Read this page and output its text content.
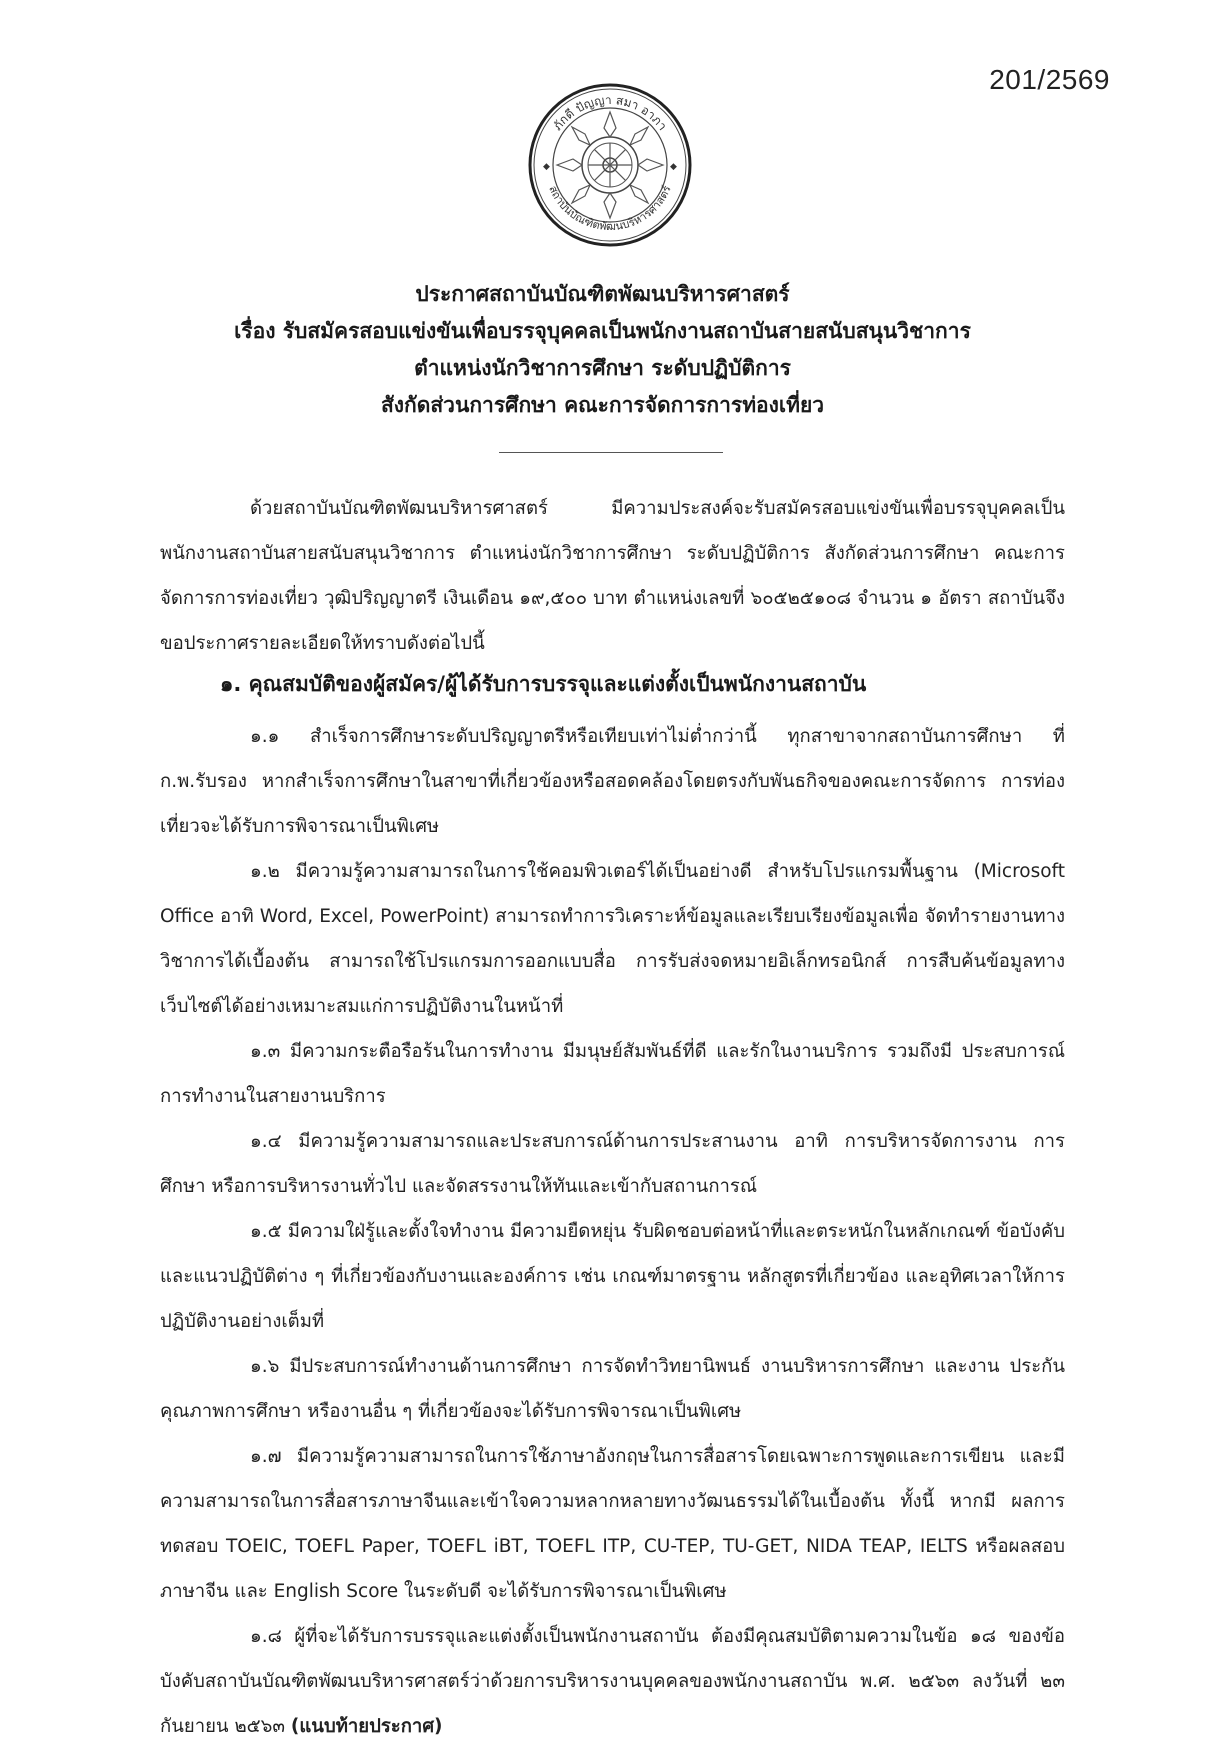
201/2569
◆	◆
ภักดี ปัญญา สมา อาภา
สถาบันบัณฑิตพัฒนบริหารศาสตร์
ประกาศสถาบันบัณฑิตพัฒนบริหารศาสตร์
เรื่อง รับสมัครสอบแข่งขันเพื่อบรรจุบุคคลเป็นพนักงานสถาบันสายสนับสนุนวิชาการ
ตำแหน่งนักวิชาการศึกษา ระดับปฏิบัติการ
สังกัดส่วนการศึกษา คณะการจัดการการท่องเที่ยว

ด้วยสถาบันบัณฑิตพัฒนบริหารศาสตร์ มีความประสงค์จะรับสมัครสอบแข่งขันเพื่อบรรจุบุคคลเป็นพนักงานสถาบันสายสนับสนุนวิชาการ ตำแหน่งนักวิชาการศึกษา ระดับปฏิบัติการ สังกัดส่วนการศึกษา คณะการจัดการการท่องเที่ยว วุฒิปริญญาตรี เงินเดือน ๑๙,๕๐๐ บาท ตำแหน่งเลขที่ ๖๐๕๒๕๑๐๘ จำนวน ๑ อัตรา สถาบันจึงขอประกาศรายละเอียดให้ทราบดังต่อไปนี้

๑. คุณสมบัติของผู้สมัคร/ผู้ได้รับการบรรจุและแต่งตั้งเป็นพนักงานสถาบัน

๑.๑ สำเร็จการศึกษาระดับปริญญาตรีหรือเทียบเท่าไม่ต่ำกว่านี้ ทุกสาขาจากสถาบันการศึกษา ที่ ก.พ.รับรอง หากสำเร็จการศึกษาในสาขาที่เกี่ยวข้องหรือสอดคล้องโดยตรงกับพันธกิจของคณะการจัดการ การท่องเที่ยวจะได้รับการพิจารณาเป็นพิเศษ

๑.๒ มีความรู้ความสามารถในการใช้คอมพิวเตอร์ได้เป็นอย่างดี สำหรับโปรแกรมพื้นฐาน (Microsoft Office อาทิ Word, Excel, PowerPoint) สามารถทำการวิเคราะห์ข้อมูลและเรียบเรียงข้อมูลเพื่อ จัดทำรายงานทางวิชาการได้เบื้องต้น สามารถใช้โปรแกรมการออกแบบสื่อ การรับส่งจดหมายอิเล็กทรอนิกส์ การสืบค้นข้อมูลทางเว็บไซต์ได้อย่างเหมาะสมแก่การปฏิบัติงานในหน้าที่

๑.๓ มีความกระตือรือร้นในการทำงาน มีมนุษย์สัมพันธ์ที่ดี และรักในงานบริการ รวมถึงมี ประสบการณ์การทำงานในสายงานบริการ

๑.๔ มีความรู้ความสามารถและประสบการณ์ด้านการประสานงาน อาทิ การบริหารจัดการงาน การศึกษา หรือการบริหารงานทั่วไป และจัดสรรงานให้ทันและเข้ากับสถานการณ์

๑.๕ มีความใฝ่รู้และตั้งใจทำงาน มีความยืดหยุ่น รับผิดชอบต่อหน้าที่และตระหนักในหลักเกณฑ์ ข้อบังคับ และแนวปฏิบัติต่าง ๆ ที่เกี่ยวข้องกับงานและองค์การ เช่น เกณฑ์มาตรฐาน หลักสูตรที่เกี่ยวข้อง และอุทิศเวลาให้การปฏิบัติงานอย่างเต็มที่

๑.๖ มีประสบการณ์ทำงานด้านการศึกษา การจัดทำวิทยานิพนธ์ งานบริหารการศึกษา และงาน ประกันคุณภาพการศึกษา หรืองานอื่น ๆ ที่เกี่ยวข้องจะได้รับการพิจารณาเป็นพิเศษ

๑.๗ มีความรู้ความสามารถในการใช้ภาษาอังกฤษในการสื่อสารโดยเฉพาะการพูดและการเขียน และมีความสามารถในการสื่อสารภาษาจีนและเข้าใจความหลากหลายทางวัฒนธรรมได้ในเบื้องต้น ทั้งนี้ หากมี ผลการทดสอบ TOEIC, TOEFL Paper, TOEFL iBT, TOEFL ITP, CU-TEP, TU-GET, NIDA TEAP, IELTS หรือผลสอบภาษาจีน และ English Score ในระดับดี จะได้รับการพิจารณาเป็นพิเศษ

๑.๘ ผู้ที่จะได้รับการบรรจุและแต่งตั้งเป็นพนักงานสถาบัน ต้องมีคุณสมบัติตามความในข้อ ๑๘ ของข้อบังคับสถาบันบัณฑิตพัฒนบริหารศาสตร์ว่าด้วยการบริหารงานบุคคลของพนักงานสถาบัน พ.ศ. ๒๕๖๓ ลงวันที่ ๒๓ กันยายน ๒๕๖๓ (แนบท้ายประกาศ)
